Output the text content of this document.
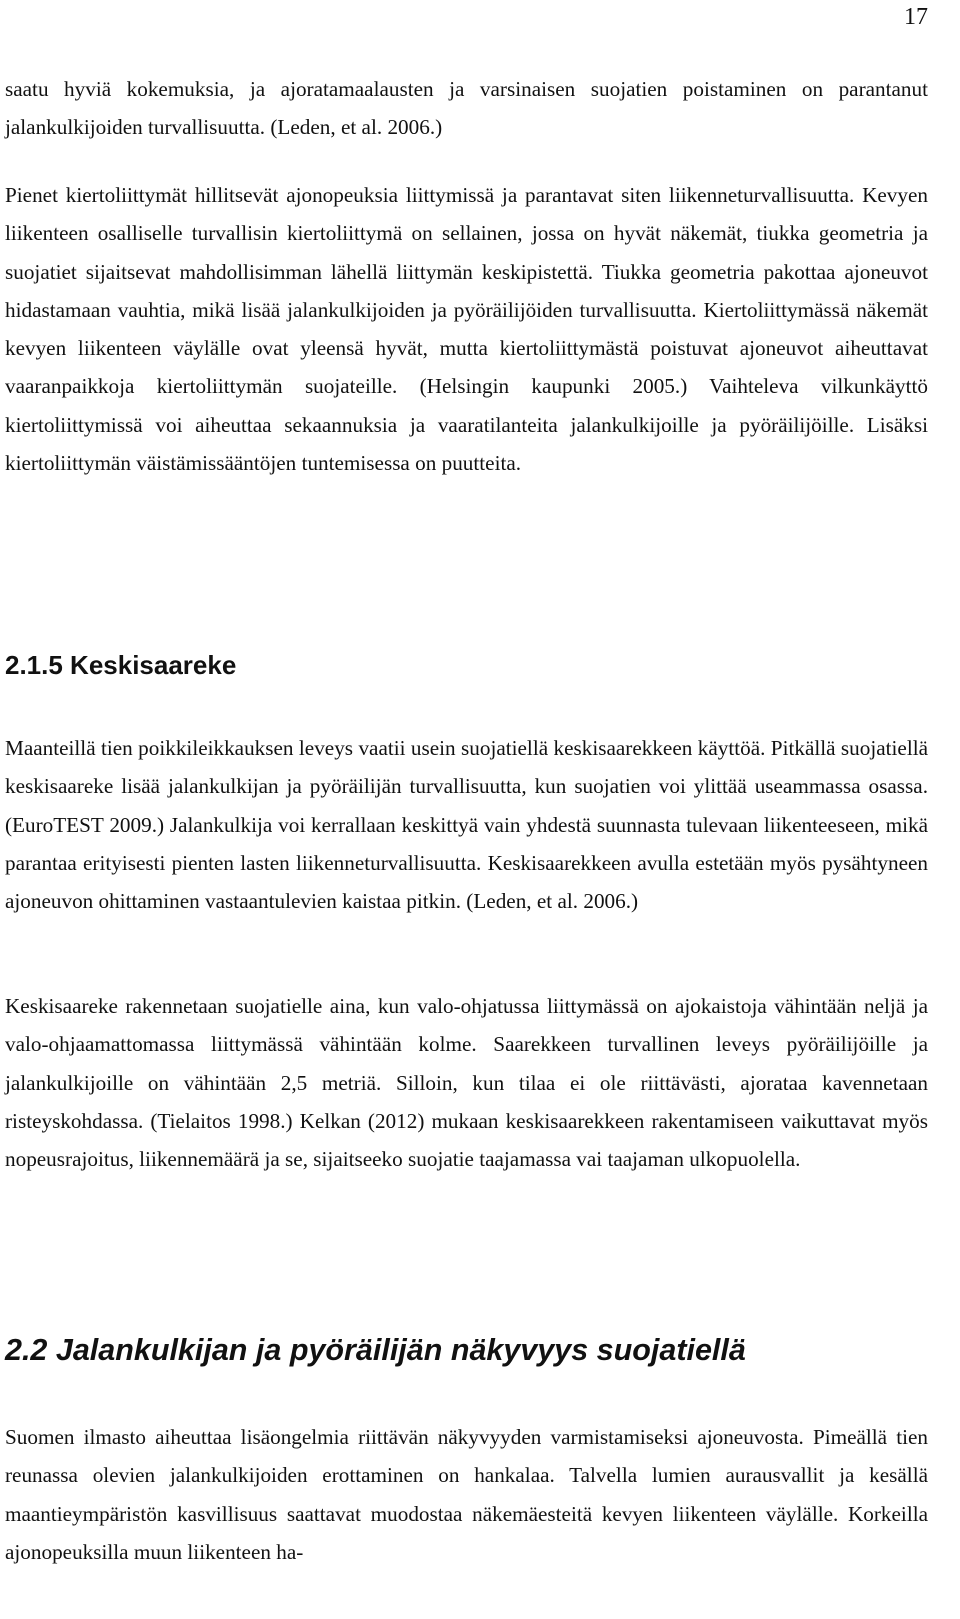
17

saatu hyviä kokemuksia, ja ajoratamaalausten ja varsinaisen suojatien poistaminen on parantanut jalankulkijoiden turvallisuutta. (Leden, et al. 2006.)

Pienet kiertoliittymät hillitsevät ajonopeuksia liittymissä ja parantavat siten liikenneturvallisuutta. Kevyen liikenteen osalliselle turvallisin kiertoliittymä on sellainen, jossa on hyvät näkemät, tiukka geometria ja suojatiet sijaitsevat mahdollisimman lähellä liittymän keskipistettä. Tiukka geometria pakottaa ajoneuvot hidastamaan vauhtia, mikä lisää jalankulkijoiden ja pyöräilijöiden turvallisuutta. Kiertoliittymässä näkemät kevyen liikenteen väylälle ovat yleensä hyvät, mutta kiertoliittymästä poistuvat ajoneuvot aiheuttavat vaaranpaikkoja kiertoliittymän suojateille. (Helsingin kaupunki 2005.) Vaihteleva vilkunkäyttö kiertoliittymissä voi aiheuttaa sekaannuksia ja vaaratilanteita jalankulkijoille ja pyöräilijöille. Lisäksi kiertoliittymän väistämissääntöjen tuntemisessa on puutteita.

2.1.5 Keskisaareke

Maanteillä tien poikkileikkauksen leveys vaatii usein suojatiellä keskisaarekkeen käyttöä. Pitkällä suojatiellä keskisaareke lisää jalankulkijan ja pyöräilijän turvallisuutta, kun suojatien voi ylittää useammassa osassa. (EuroTEST 2009.) Jalankulkija voi kerrallaan keskittyä vain yhdestä suunnasta tulevaan liikenteeseen, mikä parantaa erityisesti pienten lasten liikenneturvallisuutta. Keskisaarekkeen avulla estetään myös pysähtyneen ajoneuvon ohittaminen vastaantulevien kaistaa pitkin. (Leden, et al. 2006.)

Keskisaareke rakennetaan suojatielle aina, kun valo-ohjatussa liittymässä on ajokaistoja vähintään neljä ja valo-ohjaamattomassa liittymässä vähintään kolme. Saarekkeen turvallinen leveys pyöräilijöille ja jalankulkijoille on vähintään 2,5 metriä. Silloin, kun tilaa ei ole riittävästi, ajorataa kavennetaan risteyskohdassa. (Tielaitos 1998.) Kelkan (2012) mukaan keskisaarekkeen rakentamiseen vaikuttavat myös nopeusrajoitus, liikennemäärä ja se, sijaitseeko suojatie taajamassa vai taajaman ulkopuolella.

2.2 Jalankulkijan ja pyöräilijän näkyvyys suojatiellä

Suomen ilmasto aiheuttaa lisäongelmia riittävän näkyvyyden varmistamiseksi ajoneuvosta. Pimeällä tien reunassa olevien jalankulkijoiden erottaminen on hankalaa. Talvella lumien aurausvallit ja kesällä maantieympäristön kasvillisuus saattavat muodostaa näkemäesteitä kevyen liikenteen väylälle. Korkeilla ajonopeuksilla muun liikenteen ha-
